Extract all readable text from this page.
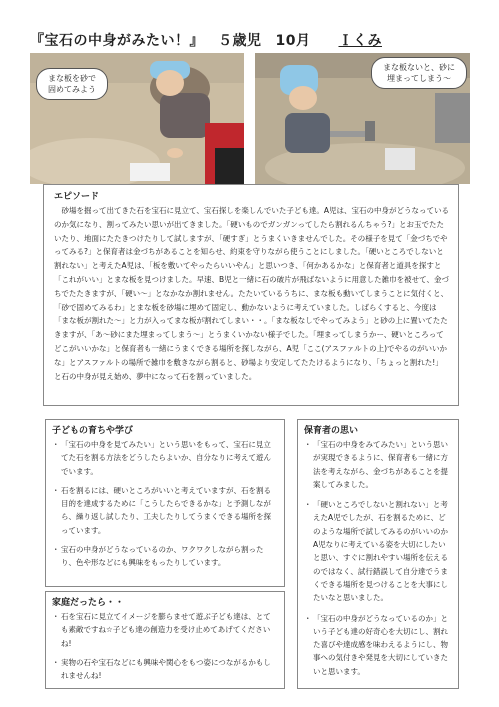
『宝石の中身がみたい！』 ５歳児 10月 Ｉくみ
まな板を砂で
固めてみよう
まな板ないと、砂に
埋まってしまう～
エピソード
砂場を掘って出てきた石を宝石に見立て、宝石探しを楽しんでいた子ども達。A児は、宝石の中身がどうなっているのか気になり、割ってみたい思いが出てきました。「硬いものでガンガンってしたら割れるんちゃう?」とお玉でたたいたり、地面にたたきつけたりして試しますが、「硬すぎ」とうまくいきませんでした。その様子を見て「金づちでやってみる?」と保育者は金づちがあることを知らせ、約束を守りながら使うことにしました。「硬いところでしないと割れない」と考えたA児は、「板を敷いてやったらいいやん」と思いつき、「何かあるかな」と保育者と道具を探すと「これがいい」とまな板を見つけました。早速、B児と一緒に石の破片が飛ばないように用意した雑巾を被せて、金づちでたたきますが、「硬い～」となかなか割れません。たたいているうちに、まな板も動いてしまうことに気付くと、「砂で固めてみるわ」とまな板を砂場に埋めて固定し、動かないように考えていました。しばらくすると、今度は「まな板が割れた～」と力が入ってまな板が割れてしまい・・。「まな板なしでやってみよう」と砂の上に置いてたたきますが、「あ～砂にまた埋まってしまう～」とうまくいかない様子でした。「埋まってしまうかー、硬いところってどこがいいかな」と保育者も一緒にうまくできる場所を探しながら、A児「ここ(アスファルトの上)でやるのがいいかな」とアスファルトの場所で雑巾を敷きながら割ると、砂場より安定してたたけるようになり、「ちょっと割れた!」と石の中身が見え始め、夢中になって石を割っていました。
子どもの育ちや学び
・ 「宝石の中身を見てみたい」という思いをもって、宝石に見立てた石を割る方法をどうしたらよいか、自分なりに考えて遊んでいます。
・ 石を割るには、硬いところがいいと考えていますが、石を割る目的を達成するために「こうしたらできるかな」と予測しながら、繰り返し試したり、工夫したりしてうまくできる場所を探っています。
・ 宝石の中身がどうなっているのか、ワクワクしながら割ったり、色や形などにも興味をもったりしています。
家庭だったら・・
・ 石を宝石に見立てイメージを膨らませて遊ぶ子ども達は、とても素敵ですね☆子ども達の創造力を受け止めてあげてくださいね!
・ 実物の石や宝石などにも興味や関心をもつ姿につながるかもしれませんね!
保育者の思い
・ 「宝石の中身をみてみたい」という思いが実現できるように、保育者も一緒に方法を考えながら、金づちがあることを提案してみました。
・ 「硬いところでしないと割れない」と考えたA児でしたが、石を割るために、どのような場所で試してみるのがいいのかA児なりに考えている姿を大切にしたいと思い、すぐに割れやすい場所を伝えるのではなく、試行錯誤して自分達でうまくできる場所を見つけることを大事にしたいなと思いました。
・ 「宝石の中身がどうなっているのか」という子ども達の好奇心を大切にし、割れた喜びや達成感を味わえるようにし、物事への気付きや発見を大切にしていきたいと思います。
